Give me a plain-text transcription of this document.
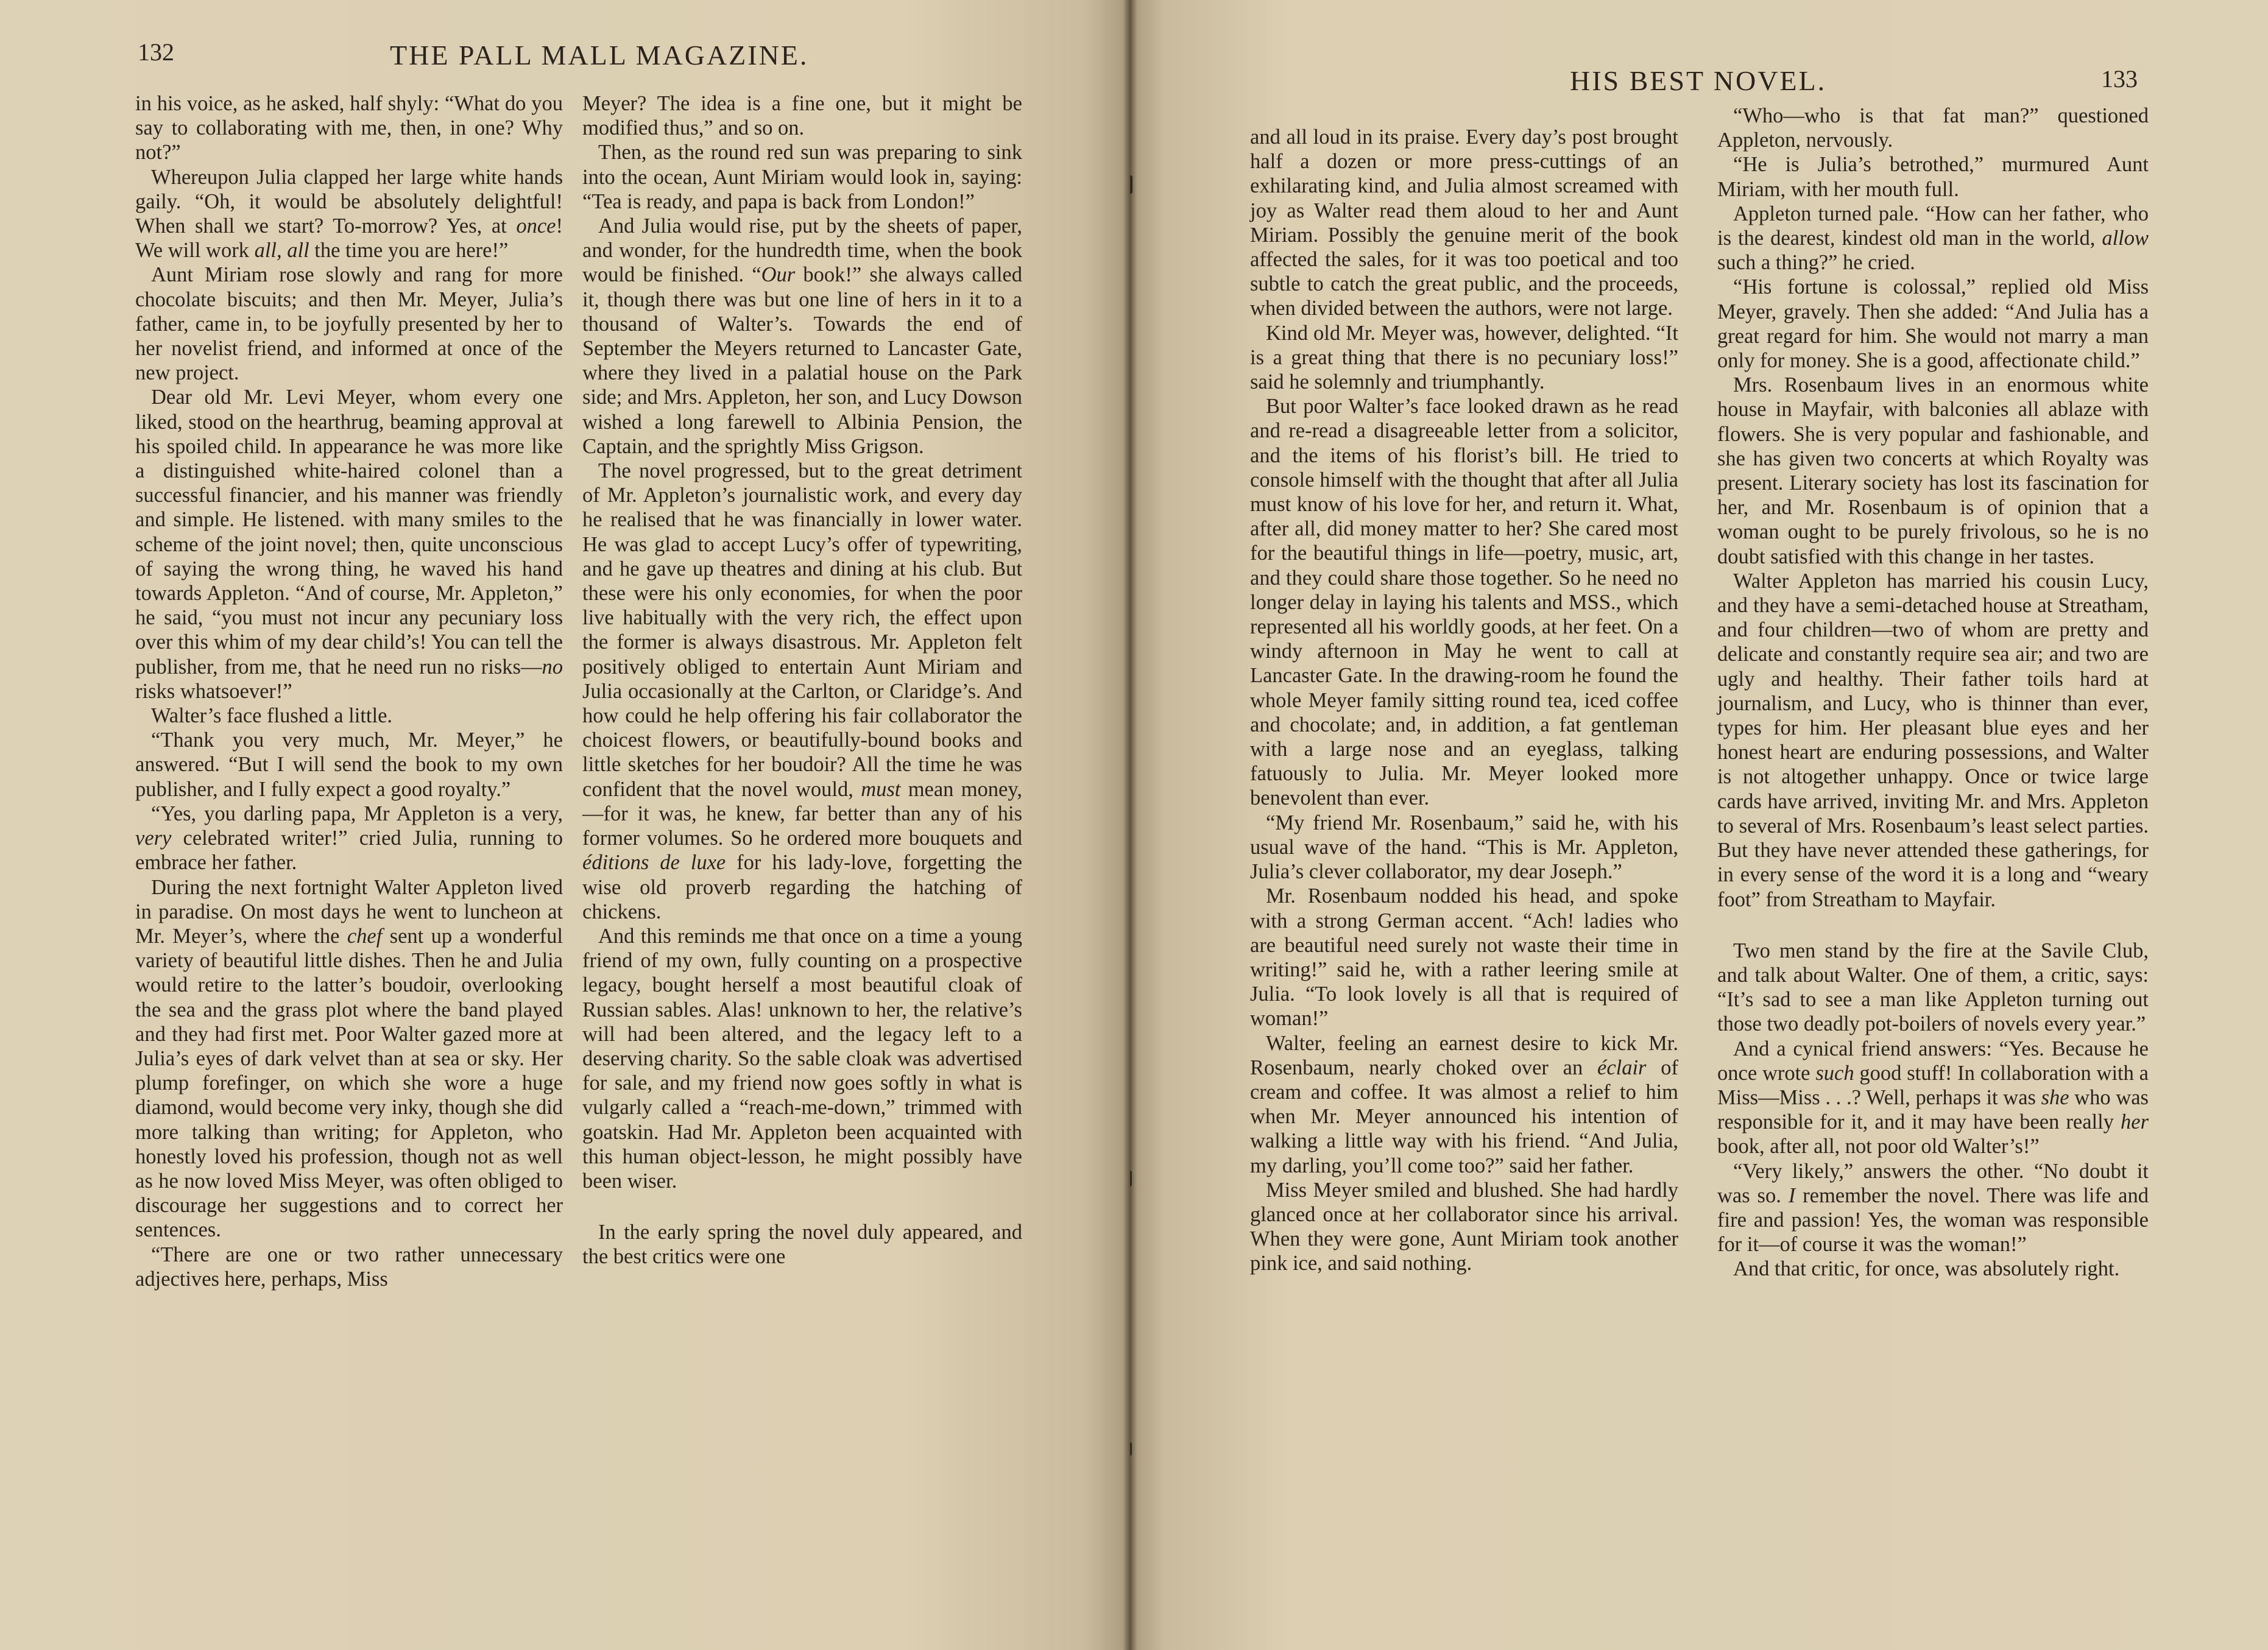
132	THE PALL MALL MAGAZINE.

in his voice, as he asked, half shyly: “What do you say to collaborating with me, then, in one? Why not?”

Whereupon Julia clapped her large white hands gaily. “Oh, it would be absolutely delightful! When shall we start? To-morrow? Yes, at once! We will work all, all the time you are here!”

Aunt Miriam rose slowly and rang for more chocolate biscuits; and then Mr. Meyer, Julia’s father, came in, to be joyfully presented by her to her novelist friend, and informed at once of the new project.

Dear old Mr. Levi Meyer, whom every one liked, stood on the hearthrug, beaming approval at his spoiled child. In appearance he was more like a distinguished white-haired colonel than a successful financier, and his manner was friendly and simple. He listened. with many smiles to the scheme of the joint novel; then, quite unconscious of saying the wrong thing, he waved his hand towards Appleton. “And of course, Mr. Appleton,” he said, “you must not incur any pecuniary loss over this whim of my dear child’s! You can tell the publisher, from me, that he need run no risks—no risks whatsoever!”

Walter’s face flushed a little.

“Thank you very much, Mr. Meyer,” he answered. “But I will send the book to my own publisher, and I fully expect a good royalty.”

“Yes, you darling papa, Mr Appleton is a very, very celebrated writer!” cried Julia, running to embrace her father.

During the next fortnight Walter Appleton lived in paradise. On most days he went to luncheon at Mr. Meyer’s, where the chef sent up a wonderful variety of beautiful little dishes. Then he and Julia would retire to the latter’s boudoir, overlooking the sea and the grass plot where the band played and they had first met. Poor Walter gazed more at Julia’s eyes of dark velvet than at sea or sky. Her plump forefinger, on which she wore a huge diamond, would become very inky, though she did more talking than writing; for Appleton, who honestly loved his profession, though not as well as he now loved Miss Meyer, was often obliged to discourage her suggestions and to correct her sentences.

“There are one or two rather unnecessary adjectives here, perhaps, Miss

Meyer? The idea is a fine one, but it might be modified thus,” and so on.

Then, as the round red sun was preparing to sink into the ocean, Aunt Miriam would look in, saying: “Tea is ready, and papa is back from London!”

And Julia would rise, put by the sheets of paper, and wonder, for the hundredth time, when the book would be finished. “Our book!” she always called it, though there was but one line of hers in it to a thousand of Walter’s. Towards the end of September the Meyers returned to Lancaster Gate, where they lived in a palatial house on the Park side; and Mrs. Appleton, her son, and Lucy Dowson wished a long farewell to Albinia Pension, the Captain, and the sprightly Miss Grigson.

The novel progressed, but to the great detriment of Mr. Appleton’s journalistic work, and every day he realised that he was financially in lower water. He was glad to accept Lucy’s offer of typewriting, and he gave up theatres and dining at his club. But these were his only economies, for when the poor live habitually with the very rich, the effect upon the former is always disastrous. Mr. Appleton felt positively obliged to entertain Aunt Miriam and Julia occasionally at the Carlton, or Claridge’s. And how could he help offering his fair collaborator the choicest flowers, or beautifully-bound books and little sketches for her boudoir? All the time he was confident that the novel would, must mean money,—for it was, he knew, far better than any of his former volumes. So he ordered more bouquets and éditions de luxe for his lady-love, forgetting the wise old proverb regarding the hatching of chickens.

And this reminds me that once on a time a young friend of my own, fully counting on a prospective legacy, bought herself a most beautiful cloak of Russian sables. Alas! unknown to her, the relative’s will had been altered, and the legacy left to a deserving charity. So the sable cloak was advertised for sale, and my friend now goes softly in what is vulgarly called a “reach-me-down,” trimmed with goatskin. Had Mr. Appleton been acquainted with this human object-lesson, he might possibly have been wiser.

In the early spring the novel duly appeared, and the best critics were one

HIS BEST NOVEL.	133

and all loud in its praise. Every day’s post brought half a dozen or more press-cuttings of an exhilarating kind, and Julia almost screamed with joy as Walter read them aloud to her and Aunt Miriam. Possibly the genuine merit of the book affected the sales, for it was too poetical and too subtle to catch the great public, and the proceeds, when divided between the authors, were not large.

Kind old Mr. Meyer was, however, delighted. “It is a great thing that there is no pecuniary loss!” said he solemnly and triumphantly.

But poor Walter’s face looked drawn as he read and re-read a disagreeable letter from a solicitor, and the items of his florist’s bill. He tried to console himself with the thought that after all Julia must know of his love for her, and return it. What, after all, did money matter to her? She cared most for the beautiful things in life—poetry, music, art, and they could share those together. So he need no longer delay in laying his talents and MSS., which represented all his worldly goods, at her feet. On a windy afternoon in May he went to call at Lancaster Gate. In the drawing-room he found the whole Meyer family sitting round tea, iced coffee and chocolate; and, in addition, a fat gentleman with a large nose and an eyeglass, talking fatuously to Julia. Mr. Meyer looked more benevolent than ever.

“My friend Mr. Rosenbaum,” said he, with his usual wave of the hand. “This is Mr. Appleton, Julia’s clever collaborator, my dear Joseph.”

Mr. Rosenbaum nodded his head, and spoke with a strong German accent. “Ach! ladies who are beautiful need surely not waste their time in writing!” said he, with a rather leering smile at Julia. “To look lovely is all that is required of woman!”

Walter, feeling an earnest desire to kick Mr. Rosenbaum, nearly choked over an éclair of cream and coffee. It was almost a relief to him when Mr. Meyer announced his intention of walking a little way with his friend. “And Julia, my darling, you’ll come too?” said her father.

Miss Meyer smiled and blushed. She had hardly glanced once at her collaborator since his arrival. When they were gone, Aunt Miriam took another pink ice, and said nothing.

“Who—who is that fat man?” questioned Appleton, nervously.

“He is Julia’s betrothed,” murmured Aunt Miriam, with her mouth full.

Appleton turned pale. “How can her father, who is the dearest, kindest old man in the world, allow such a thing?” he cried.

“His fortune is colossal,” replied old Miss Meyer, gravely. Then she added: “And Julia has a great regard for him. She would not marry a man only for money. She is a good, affectionate child.”

Mrs. Rosenbaum lives in an enormous white house in Mayfair, with balconies all ablaze with flowers. She is very popular and fashionable, and she has given two concerts at which Royalty was present. Literary society has lost its fascination for her, and Mr. Rosenbaum is of opinion that a woman ought to be purely frivolous, so he is no doubt satisfied with this change in her tastes.

Walter Appleton has married his cousin Lucy, and they have a semi-detached house at Streatham, and four children—two of whom are pretty and delicate and constantly require sea air; and two are ugly and healthy. Their father toils hard at journalism, and Lucy, who is thinner than ever, types for him. Her pleasant blue eyes and her honest heart are enduring possessions, and Walter is not altogether unhappy. Once or twice large cards have arrived, inviting Mr. and Mrs. Appleton to several of Mrs. Rosenbaum’s least select parties. But they have never attended these gatherings, for in every sense of the word it is a long and “weary foot” from Streatham to Mayfair.

Two men stand by the fire at the Savile Club, and talk about Walter. One of them, a critic, says: “It’s sad to see a man like Appleton turning out those two deadly pot-boilers of novels every year.”

And a cynical friend answers: “Yes. Because he once wrote such good stuff! In collaboration with a Miss—Miss . . .? Well, perhaps it was she who was responsible for it, and it may have been really her book, after all, not poor old Walter’s!”

“Very likely,” answers the other. “No doubt it was so. I remember the novel. There was life and fire and passion! Yes, the woman was responsible for it—of course it was the woman!”

And that critic, for once, was absolutely right.
